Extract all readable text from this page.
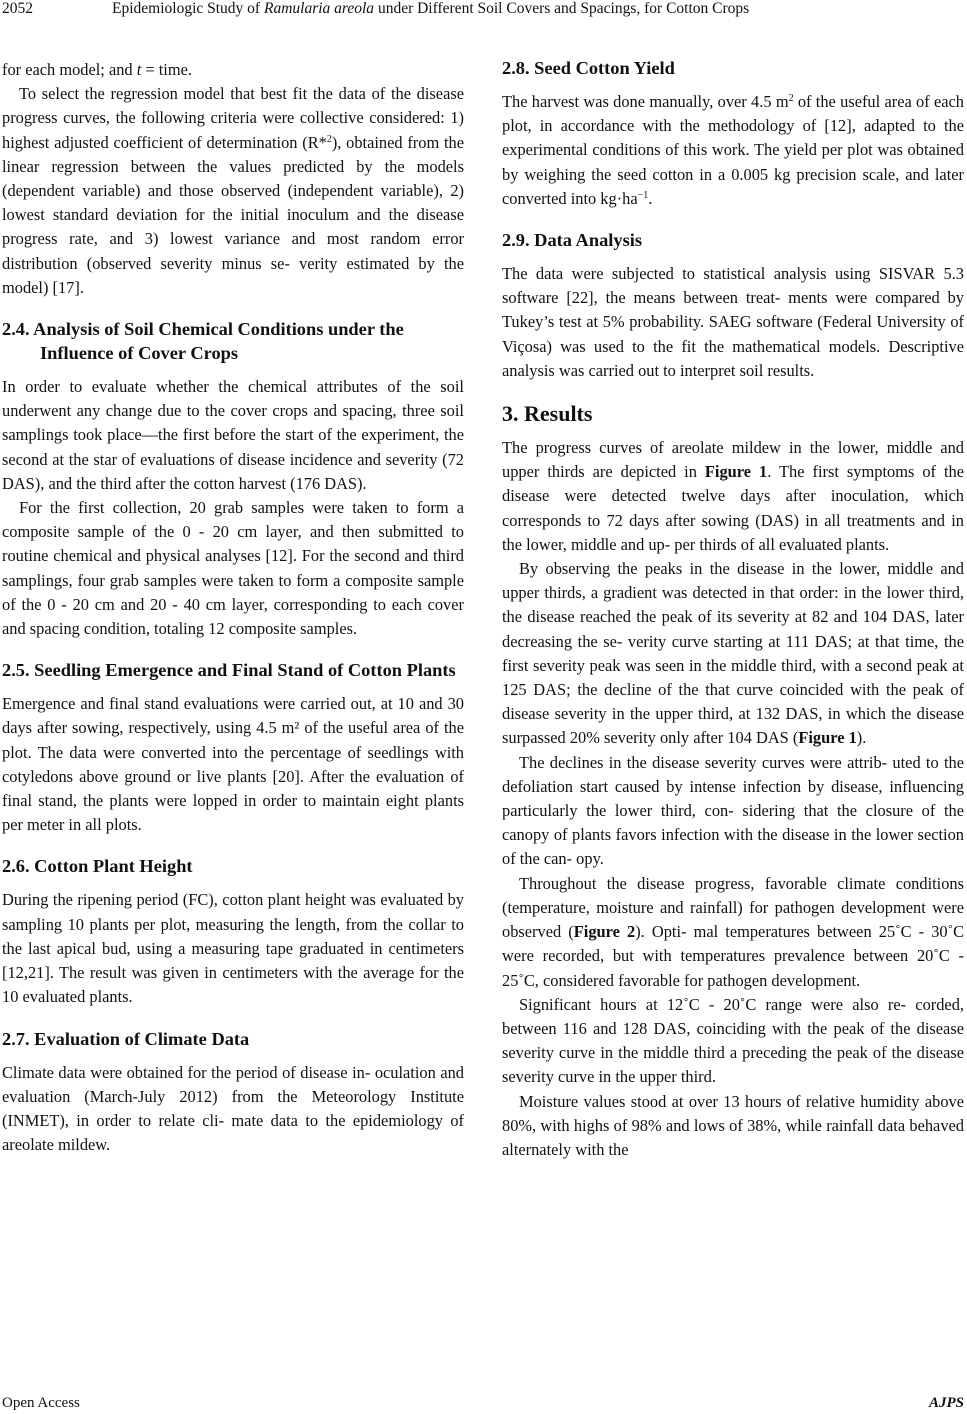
2052	Epidemiologic Study of Ramularia areola under Different Soil Covers and Spacings, for Cotton Crops

for each model; and t = time.

To select the regression model that best fit the data of the disease progress curves, the following criteria were collective considered: 1) highest adjusted coefficient of determination (R*$^2$), obtained from the linear regression between the values predicted by the models (dependent variable) and those observed (independent variable), 2) lowest standard deviation for the initial inoculum and the disease progress rate, and 3) lowest variance and most random error distribution (observed severity minus se- verity estimated by the model) [17].

2.4. Analysis of Soil Chemical Conditions under the Influence of Cover Crops

In order to evaluate whether the chemical attributes of the soil underwent any change due to the cover crops and spacing, three soil samplings took place—the first before the start of the experiment, the second at the star of evaluations of disease incidence and severity (72 DAS), and the third after the cotton harvest (176 DAS).

For the first collection, 20 grab samples were taken to form a composite sample of the 0 - 20 cm layer, and then submitted to routine chemical and physical analyses [12]. For the second and third samplings, four grab samples were taken to form a composite sample of the 0 - 20 cm and 20 - 40 cm layer, corresponding to each cover and spacing condition, totaling 12 composite samples.

2.5. Seedling Emergence and Final Stand of Cotton Plants

Emergence and final stand evaluations were carried out, at 10 and 30 days after sowing, respectively, using 4.5 m² of the useful area of the plot. The data were converted into the percentage of seedlings with cotyledons above ground or live plants [20]. After the evaluation of final stand, the plants were lopped in order to maintain eight plants per meter in all plots.

2.6. Cotton Plant Height

During the ripening period (FC), cotton plant height was evaluated by sampling 10 plants per plot, measuring the length, from the collar to the last apical bud, using a measuring tape graduated in centimeters [12,21]. The result was given in centimeters with the average for the 10 evaluated plants.

2.7. Evaluation of Climate Data

Climate data were obtained for the period of disease in- oculation and evaluation (March-July 2012) from the Meteorology Institute (INMET), in order to relate cli- mate data to the epidemiology of areolate mildew.

2.8. Seed Cotton Yield

The harvest was done manually, over 4.5 $m^2$ of the useful area of each plot, in accordance with the methodology of [12], adapted to the experimental conditions of this work. The yield per plot was obtained by weighing the seed cotton in a 0.005 kg precision scale, and later converted into $kg\cdot ha^{-1}$.

2.9. Data Analysis

The data were subjected to statistical analysis using SISVAR 5.3 software [22], the means between treat- ments were compared by Tukey’s test at 5% probability. SAEG software (Federal University of Viçosa) was used to the fit the mathematical models. Descriptive analysis was carried out to interpret soil results.

3. Results

The progress curves of areolate mildew in the lower, middle and upper thirds are depicted in Figure 1. The first symptoms of the disease were detected twelve days after inoculation, which corresponds to 72 days after sowing (DAS) in all treatments and in the lower, middle and up- per thirds of all evaluated plants.

By observing the peaks in the disease in the lower, middle and upper thirds, a gradient was detected in that order: in the lower third, the disease reached the peak of its severity at 82 and 104 DAS, later decreasing the se- verity curve starting at 111 DAS; at that time, the first severity peak was seen in the middle third, with a second peak at 125 DAS; the decline of the that curve coincided with the peak of disease severity in the upper third, at 132 DAS, in which the disease surpassed 20% severity only after 104 DAS (Figure 1).

The declines in the disease severity curves were attrib- uted to the defoliation start caused by intense infection by disease, influencing particularly the lower third, con- sidering that the closure of the canopy of plants favors infection with the disease in the lower section of the can- opy.

Throughout the disease progress, favorable climate conditions (temperature, moisture and rainfall) for pathogen development were observed (Figure 2). Opti- mal temperatures between 25˚C - 30˚C were recorded, but with temperatures prevalence between 20˚C - 25˚C, considered favorable for pathogen development.

Significant hours at 12˚C - 20˚C range were also re- corded, between 116 and 128 DAS, coinciding with the peak of the disease severity curve in the middle third a preceding the peak of the disease severity curve in the upper third.

Moisture values stood at over 13 hours of relative humidity above 80%, with highs of 98% and lows of 38%, while rainfall data behaved alternately with the

Open Access	AJPS
